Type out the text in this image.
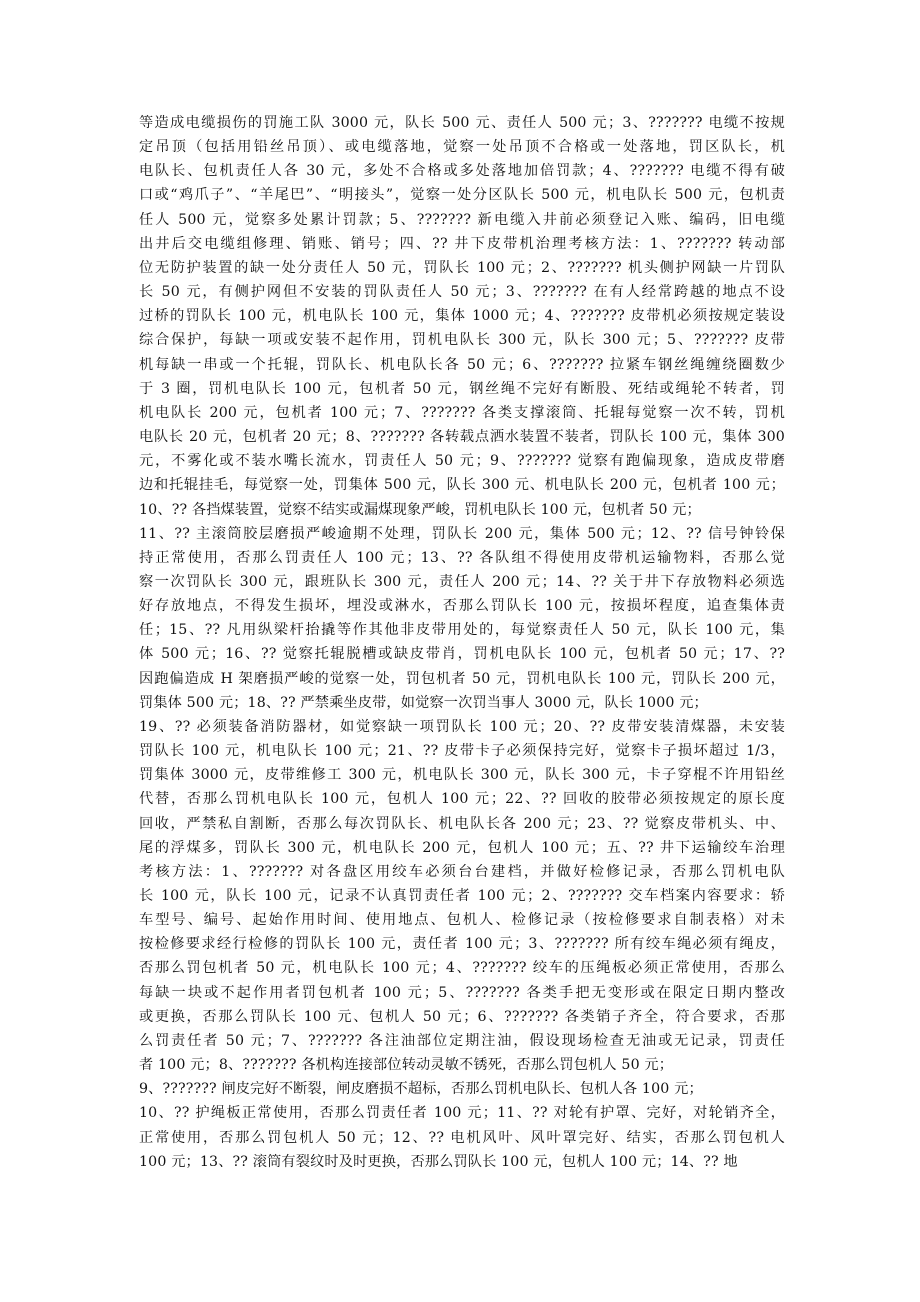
等造成电缆损伤的罚施工队 3000 元，队长 500 元、责任人 500 元；3、??????? 电缆不按规
定吊顶（包括用铅丝吊顶）、或电缆落地，觉察一处吊顶不合格或一处落地，罚区队长，机
电队长、包机责任人各 30 元，多处不合格或多处落地加倍罚款；4、??????? 电缆不得有破
口或“鸡爪子”、“羊尾巴”、“明接头”，觉察一处分区队长 500 元，机电队长 500 元，包机责
任人 500 元，觉察多处累计罚款；5、??????? 新电缆入井前必须登记入账、编码，旧电缆
出井后交电缆组修理、销账、销号；四、?? 井下皮带机治理考核方法：1、??????? 转动部
位无防护装置的缺一处分责任人 50 元，罚队长 100 元；2、??????? 机头侧护网缺一片罚队
长 50 元，有侧护网但不安装的罚队责任人 50 元；3、??????? 在有人经常跨越的地点不设
过桥的罚队长 100 元，机电队长 100 元，集体 1000 元；4、??????? 皮带机必须按规定装设
综合保护，每缺一项或安装不起作用，罚机电队长 300 元，队长 300 元；5、??????? 皮带
机每缺一串或一个托辊，罚队长、机电队长各 50 元；6、??????? 拉紧车钢丝绳缠绕圈数少
于 3 圈，罚机电队长 100 元，包机者 50 元，钢丝绳不完好有断股、死结或绳轮不转者，罚
机电队长 200 元，包机者 100 元；7、??????? 各类支撑滚筒、托辊每觉察一次不转，罚机
电队长 20 元，包机者 20 元；8、??????? 各转载点洒水装置不装者，罚队长 100 元，集体 300
元，不雾化或不装水嘴长流水，罚责任人 50 元；9、??????? 觉察有跑偏现象，造成皮带磨
边和托辊挂毛，每觉察一处，罚集体 500 元，队长 300 元、机电队长 200 元，包机者 100 元；
10、?? 各挡煤装置，觉察不结实或漏煤现象严峻，罚机电队长 100 元，包机者 50 元；
11、?? 主滚筒胶层磨损严峻逾期不处理，罚队长 200 元，集体 500 元；12、?? 信号钟铃保
持正常使用，否那么罚责任人 100 元；13、?? 各队组不得使用皮带机运输物料，否那么觉
察一次罚队长 300 元，跟班队长 300 元，责任人 200 元；14、?? 关于井下存放物料必须选
好存放地点，不得发生损坏，埋没或淋水，否那么罚队长 100 元，按损坏程度，追查集体责
任；15、?? 凡用纵梁杆抬撬等作其他非皮带用处的，每觉察责任人 50 元，队长 100 元，集
体 500 元；16、?? 觉察托辊脱槽或缺皮带肖，罚机电队长 100 元，包机者 50 元；17、??
因跑偏造成 H 架磨损严峻的觉察一处，罚包机者 50 元，罚机电队长 100 元，罚队长 200 元，
罚集体 500 元；18、?? 严禁乘坐皮带，如觉察一次罚当事人 3000 元，队长 1000 元；
19、?? 必须装备消防器材，如觉察缺一项罚队长 100 元；20、?? 皮带安装清煤器，未安装
罚队长 100 元，机电队长 100 元；21、?? 皮带卡子必须保持完好，觉察卡子损坏超过 1/3，
罚集体 3000 元，皮带维修工 300 元，机电队长 300 元，队长 300 元，卡子穿棍不许用铅丝
代替，否那么罚机电队长 100 元，包机人 100 元；22、?? 回收的胶带必须按规定的原长度
回收，严禁私自割断，否那么每次罚队长、机电队长各 200 元；23、?? 觉察皮带机头、中、
尾的浮煤多，罚队长 300 元，机电队长 200 元，包机人 100 元；五、?? 井下运输绞车治理
考核方法：1、??????? 对各盘区用绞车必须台台建档，并做好检修记录，否那么罚机电队
长 100 元，队长 100 元，记录不认真罚责任者 100 元；2、??????? 交车档案内容要求：轿
车型号、编号、起始作用时间、使用地点、包机人、检修记录（按检修要求自制表格）对未
按检修要求经行检修的罚队长 100 元，责任者 100 元；3、??????? 所有绞车绳必须有绳皮，
否那么罚包机者 50 元，机电队长 100 元；4、??????? 绞车的压绳板必须正常使用，否那么
每缺一块或不起作用者罚包机者 100 元；5、??????? 各类手把无变形或在限定日期内整改
或更换，否那么罚队长 100 元、包机人 50 元；6、??????? 各类销子齐全，符合要求，否那
么罚责任者 50 元；7、??????? 各注油部位定期注油，假设现场检查无油或无记录，罚责任
者 100 元；8、??????? 各机构连接部位转动灵敏不锈死，否那么罚包机人 50 元；
9、??????? 闸皮完好不断裂，闸皮磨损不超标，否那么罚机电队长、包机人各 100 元；
10、?? 护绳板正常使用，否那么罚责任者 100 元；11、?? 对轮有护罩、完好，对轮销齐全，
正常使用，否那么罚包机人 50 元；12、?? 电机风叶、风叶罩完好、结实，否那么罚包机人
100 元；13、?? 滚筒有裂纹时及时更换，否那么罚队长 100 元，包机人 100 元；14、?? 地
